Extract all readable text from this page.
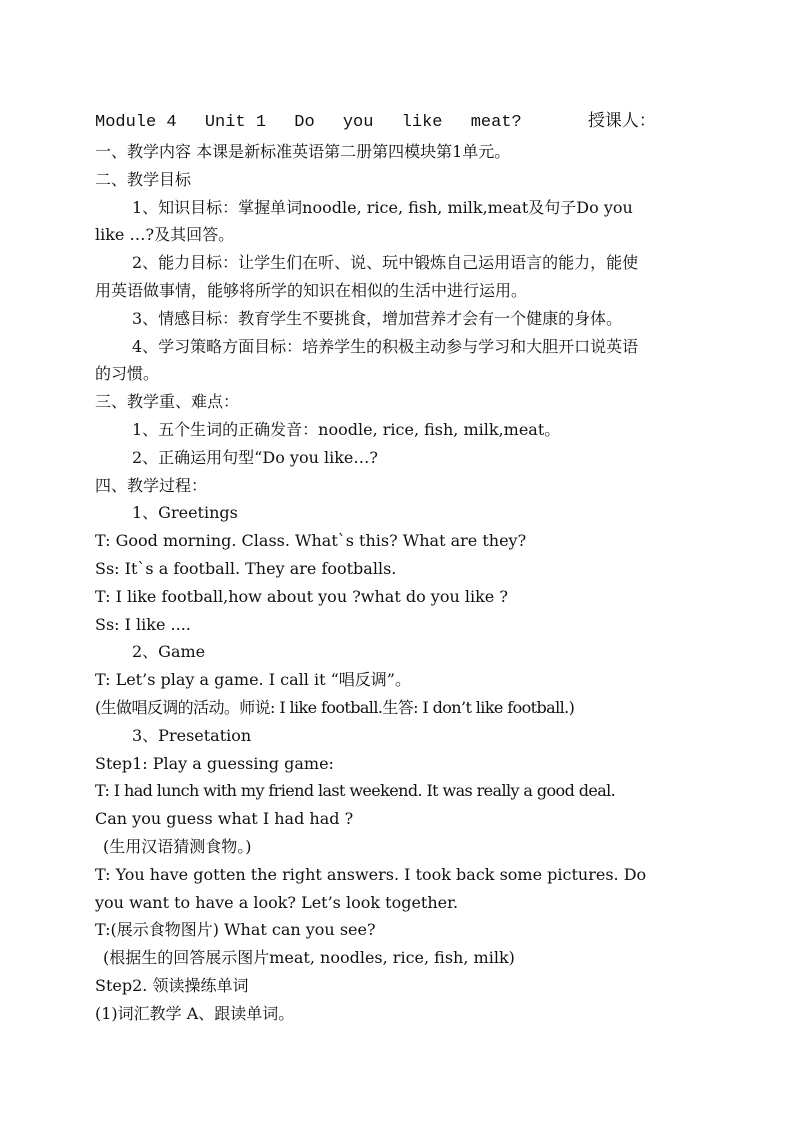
Module 4 Unit 1 Do you like meat?	授课人：
一、教学内容 本课是新标准英语第二册第四模块第1单元。
二、教学目标
1、知识目标：掌握单词noodle, rice, fish, milk,meat及句子Do you
like …?及其回答。
2、能力目标：让学生们在听、说、玩中锻炼自己运用语言的能力，能使
用英语做事情，能够将所学的知识在相似的生活中进行运用。
3、情感目标：教育学生不要挑食，增加营养才会有一个健康的身体。
4、学习策略方面目标：培养学生的积极主动参与学习和大胆开口说英语
的习惯。
三、教学重、难点：
1、五个生词的正确发音：noodle, rice, fish, milk,meat。
2、正确运用句型“Do you like…?
四、教学过程：
1、Greetings
T: Good morning. Class. What`s this? What are they?
Ss: It`s a football. They are footballs.
T: I like football,how about you ?what do you like ?
Ss: I like ....
2、Game
T: Let’s play a game. I call it “唱反调”。
(生做唱反调的活动。师说: I like football.生答: I don’t like football.)
3、Presetation
Step1: Play a guessing game:
T: I had lunch with my friend last weekend. It was really a good deal.
Can you guess what I had had ?
(生用汉语猜测食物。)
T: You have gotten the right answers. I took back some pictures. Do
you want to have a look? Let’s look together.
T:(展示食物图片) What can you see?
(根据生的回答展示图片meat, noodles, rice, fish, milk)
Step2. 领读操练单词
(1)词汇教学 A、跟读单词。
